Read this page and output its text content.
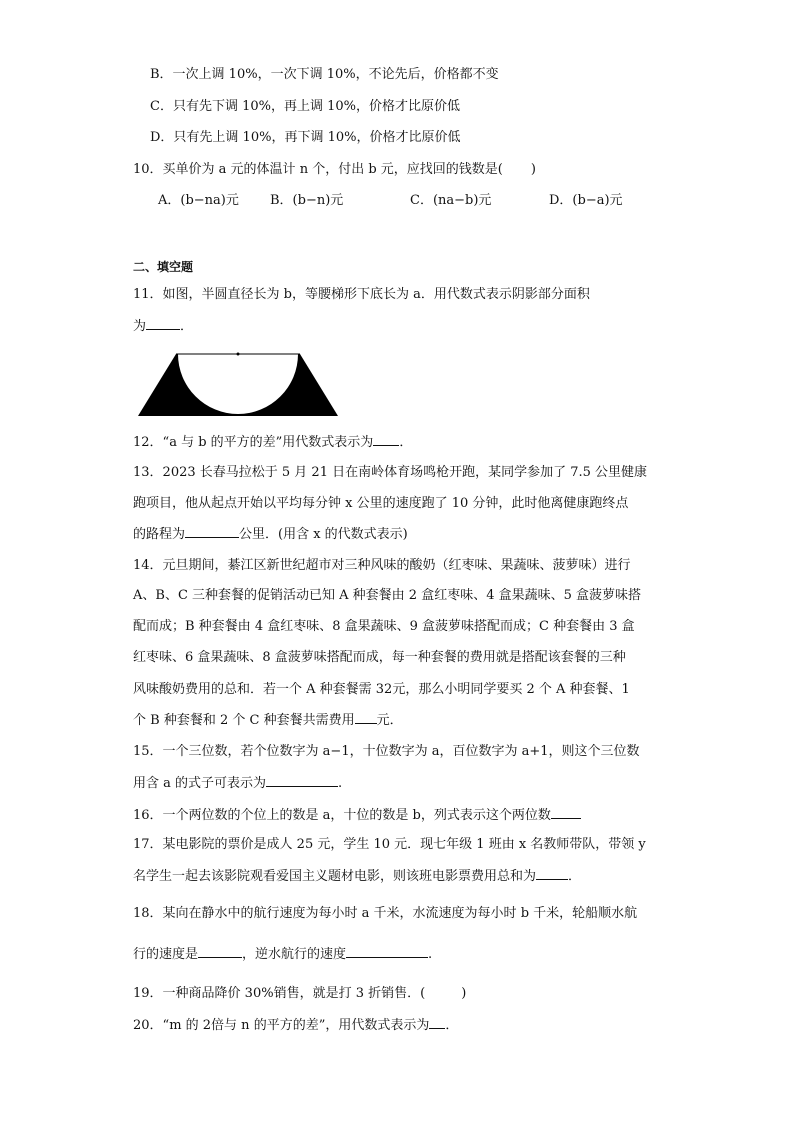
B．一次上调 10%，一次下调 10%，不论先后，价格都不变
C．只有先下调 10%，再上调 10%，价格才比原价低
D．只有先上调 10%，再下调 10%，价格才比原价低
10．买单价为 a 元的体温计 n 个，付出 b 元，应找回的钱数是( )
A．(b−na)元 B．(b−n)元	C．(na−b)元	D．(b−a)元
二、填空题
11．如图，半圆直径长为 b，等腰梯形下底长为 a．用代数式表示阴影部分面积
为	．
12．“a 与 b 的平方的差”用代数式表示为 ．
13．2023 长春马拉松于 5 月 21 日在南岭体育场鸣枪开跑，某同学参加了 7.5 公里健康
跑项目，他从起点开始以平均每分钟 x 公里的速度跑了 10 分钟，此时他离健康跑终点
的路程为	公里．(用含 x 的代数式表示)
14．元旦期间，綦江区新世纪超市对三种风味的酸奶（红枣味、果蔬味、菠萝味）进行
A、B、C 三种套餐的促销活动已知 A 种套餐由 2 盒红枣味、4 盒果蔬味、5 盒菠萝味搭
配而成；B 种套餐由 4 盒红枣味、8 盒果蔬味、9 盒菠萝味搭配而成；C 种套餐由 3 盒
红枣味、6 盒果蔬味、8 盒菠萝味搭配而成，每一种套餐的费用就是搭配该套餐的三种
风味酸奶费用的总和．若一个 A 种套餐需 32元，那么小明同学要买 2 个 A 种套餐、1
个 B 种套餐和 2 个 C 种套餐共需费用 元．
15．一个三位数，若个位数字为 a−1，十位数字为 a，百位数字为 a+1，则这个三位数
用含 a 的式子可表示为	.
16．一个两位数的个位上的数是 a，十位的数是 b，列式表示这个两位数
17．某电影院的票价是成人 25 元，学生 10 元．现七年级 1 班由 x 名教师带队，带领 y
名学生一起去该影院观看爱国主义题材电影，则该班电影票费用总和为 ．
18．某向在静水中的航行速度为每小时 a 千米，水流速度为每小时 b 千米，轮船顺水航
行的速度是	，逆水航行的速度	.
19．一种商品降价 30%销售，就是打 3 折销售．(	)
20．“m 的 2倍与 n 的平方的差”，用代数式表示为 ．
